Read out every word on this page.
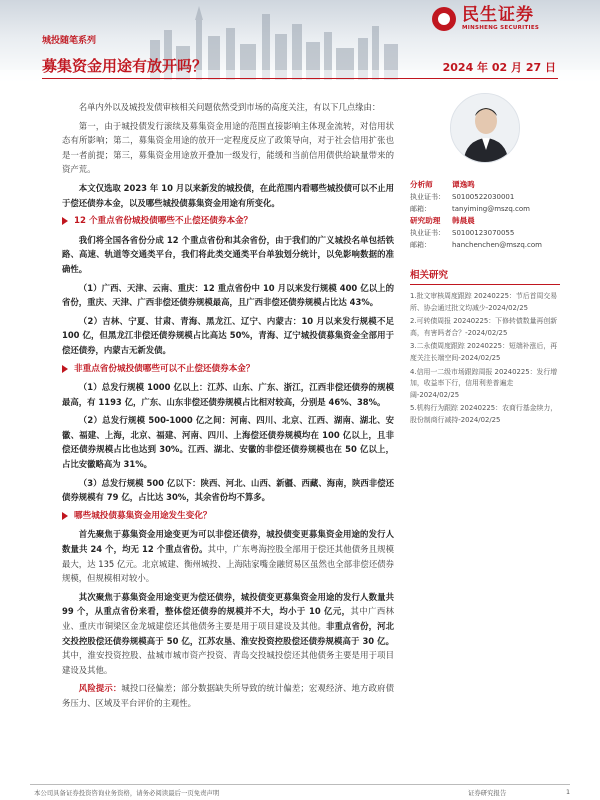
城投随笔系列
募集资金用途有放开吗？	2024 年 02 月 27 日
民生证券
MINSHENG SECURITIES

名单内外以及城投发债审核相关问题依然受到市场的高度关注，有以下几点缘由：

第一，由于城投债发行滚续及募集资金用途的范围直接影响主体现金流转，对信用状态有所影响；第二，募集资金用途的放开一定程度反应了政策导向，对于社会信用扩张也是一者前提；第三，募集资金用途放开叠加一级发行，能缓和当前信用债供给缺量带来的资产荒。

本文仅选取 2023 年 10 月以来新发的城投债，在此范围内看哪些城投债可以不止用于偿还债券本金，以及哪些城投债募集资金用途有所变化。

12 个重点省份城投债哪些不止偿还债券本金？

我们将全国各省份分成 12 个重点省份和其余省份，由于我们的广义城投名单包括铁路、高速、轨道等交通类平台，我们将此类交通类平台单独划分统计，以免影响数据的准确性。

（1）广西、天津、云南、重庆：12 重点省份中 10 月以来发行规模 400 亿以上的省份，重庆、天津、广西非偿还债券规模最高，且广西非偿还债券规模占比达 43%。

（2）吉林、宁夏、甘肃、青海、黑龙江、辽宁、内蒙古：10 月以来发行规模不足 100 亿，但黑龙江非偿还债券规模占比高达 50%，青海、辽宁城投债募集资金全部用于偿还债券，内蒙古无新发债。

非重点省份城投债哪些可以不止偿还债券本金？

（1）总发行规模 1000 亿以上：江苏、山东、广东、浙江，江西非偿还债券的规模最高，有 1193 亿，广东、山东非偿还债券规模占比相对较高，分别是 46%、38%。

（2）总发行规模 500-1000 亿之间：河南、四川、北京、江西、湖南、湖北、安徽、福建、上海，北京、福建、河南、四川、上海偿还债券规模均在 100 亿以上，且非偿还债券规模占比也达到 30%。江西、湖北、安徽的非偿还债券规模也在 50 亿以上，占比安徽略高为 31%。

（3）总发行规模 500 亿以下：陕西、河北、山西、新疆、西藏、海南，陕西非偿还债券规模有 79 亿，占比达 30%，其余省份均不算多。

哪些城投债募集资金用途发生变化？

首先聚焦于募集资金用途变更为可以非偿还债券，城投债变更募集资金用途的发行人数量共 24 个，均无 12 个重点省份。其中，广东粤海控股全部用于偿还其他债务且规模最大，达 135 亿元。北京城建、衡州城投、上海陆家嘴金融贸易区虽然也全部非偿还债券规模，但规模相对较小。

其次聚焦于募集资金用途变更为偿还债券，城投债变更募集资金用途的发行人数量共 99 个，从重点省份来看，整体偿还债券的规模并不大，均小于 10 亿元，其中广西林业、重庆市铜梁区金龙城建偿还其他债务主要是用于项目建设及其他。非重点省份，河北交投控股偿还债券规模高于 50 亿，江苏农垦、淮安投资控股偿还债券规模高于 30 亿。其中，淮安投资控股、盐城市城市资产投资、青岛交投城投偿还其他债务主要是用于项目建设及其他。

风险提示：城投口径偏差；部分数据缺失所导致的统计偏差；宏观经济、地方政府债务压力、区域及平台评价的主观性。

分析师	谭逸鸣
执业证书：	S0100522030001
邮箱：	tanyiming@mszq.com
研究助理	韩晨晨
执业证书：	S0100123070055
邮箱：	hanchenchen@mszq.com
相关研究
1.批文审核周度跟踪 20240225：节后首周交易所、协会通过批文均减少-2024/02/25
2.可转债周报 20240225：下修转债数量再创新高，有害吗者合？-2024/02/25
3.二永债周度跟踪 20240225：短端补涨后，再度关注长端空间-2024/02/25
4.信用一二级市场跟踪周报 20240225：发行增加，收益率下行，信用利差普遍走阔-2024/02/25
5.机构行为跟踪 20240225：农商行基金续力，股份制商行减持-2024/02/25
本公司具备证券投资咨询业务资格，请务必阅读最后一页免责声明	证券研究报告	1
